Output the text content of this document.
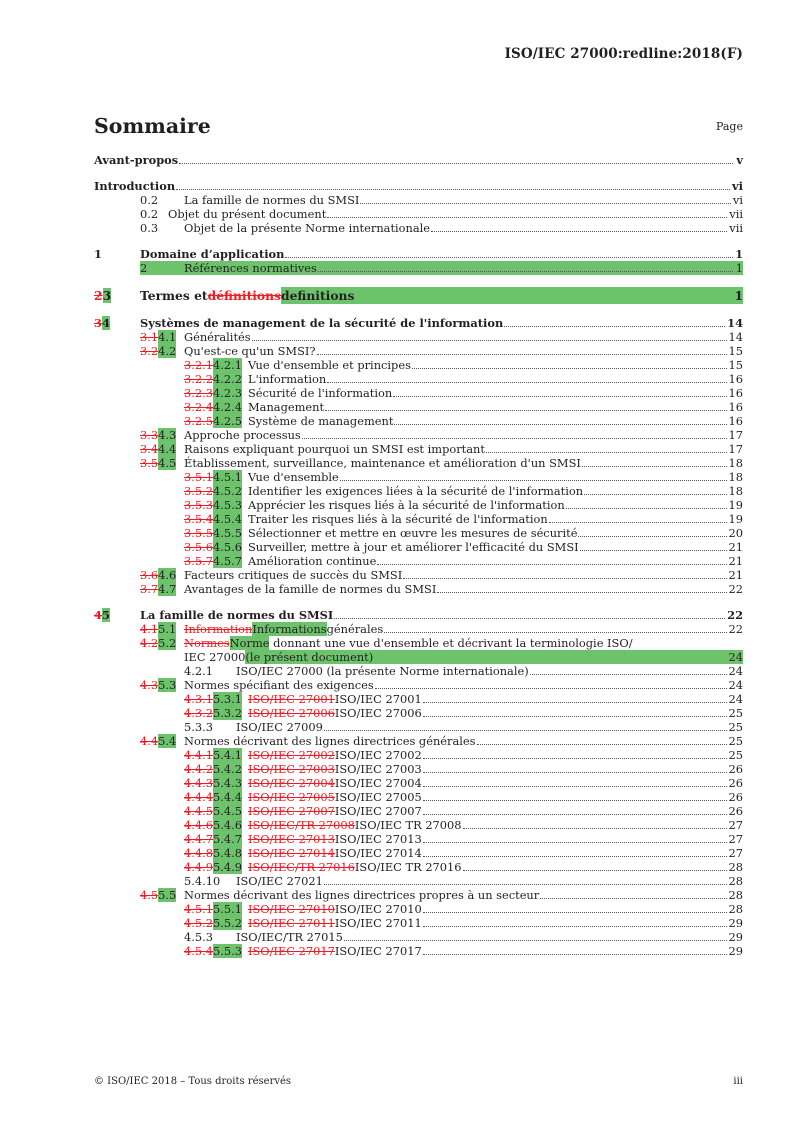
ISO/IEC 27000:redline:2018(F)
Sommaire	Page
Avant-propos	v
Introduction	vi
0.2	La famille de normes du SMSI	vi
0.2 Objet du présent document	vii
0.3	Objet de la présente Norme internationale	vii
1	Domaine d’application	1
2	Références normatives	1
23	Termes et définitions definitions	1
34	Systèmes de management de la sécurité de l'information	14
3.14.1 Généralités	14
3.24.2 Qu'est-ce qu'un SMSI?	15
3.2.14.2.1 Vue d'ensemble et principes	15
3.2.24.2.2 L'information	16
3.2.34.2.3 Sécurité de l'information	16
3.2.44.2.4 Management	16
3.2.54.2.5 Système de management	16
3.34.3 Approche processus	17
3.44.4 Raisons expliquant pourquoi un SMSI est important	17
3.54.5 Établissement, surveillance, maintenance et amélioration d'un SMSI	18
3.5.14.5.1 Vue d'ensemble	18
3.5.24.5.2 Identifier les exigences liées à la sécurité de l'information	18
3.5.34.5.3 Apprécier les risques liés à la sécurité de l'information	19
3.5.44.5.4 Traiter les risques liés à la sécurité de l'information	19
3.5.54.5.5 Sélectionner et mettre en œuvre les mesures de sécurité	20
3.5.64.5.6 Surveiller, mettre à jour et améliorer l'efficacité du SMSI	21
3.5.74.5.7 Amélioration continue	21
3.64.6 Facteurs critiques de succès du SMSI	21
3.74.7 Avantages de la famille de normes du SMSI	22
45	La famille de normes du SMSI	22
4.15.1 Information Informations générales	22
4.25.2 NormesNorme donnant une vue d'ensemble et décrivant la terminologie ISO/
IEC 27000 (le présent document)	24
4.2.1	ISO/IEC 27000 (la présente Norme internationale)	24
4.35.3 Normes spécifiant des exigences	24
4.3.15.3.1 ISO/IEC 27001 ISO/IEC 27001	24
4.3.25.3.2 ISO/IEC 27006 ISO/IEC 27006	25
5.3.3	ISO/IEC 27009	25
4.45.4 Normes décrivant des lignes directrices générales	25
4.4.15.4.1 ISO/IEC 27002 ISO/IEC 27002	25
4.4.25.4.2 ISO/IEC 27003 ISO/IEC 27003	26
4.4.35.4.3 ISO/IEC 27004 ISO/IEC 27004	26
4.4.45.4.4 ISO/IEC 27005 ISO/IEC 27005	26
4.4.55.4.5 ISO/IEC 27007 ISO/IEC 27007	26
4.4.65.4.6 ISO/IEC/TR 27008 ISO/IEC TR 27008	27
4.4.75.4.7 ISO/IEC 27013 ISO/IEC 27013	27
4.4.85.4.8 ISO/IEC 27014 ISO/IEC 27014	27
4.4.95.4.9 ISO/IEC/TR 27016 ISO/IEC TR 27016	28
5.4.10	ISO/IEC 27021	28
4.55.5 Normes décrivant des lignes directrices propres à un secteur	28
4.5.15.5.1 ISO/IEC 27010 ISO/IEC 27010	28
4.5.25.5.2 ISO/IEC 27011 ISO/IEC 27011	29
4.5.3	ISO/IEC/TR 27015	29
4.5.45.5.3 ISO/IEC 27017 ISO/IEC 27017	29
© ISO/IEC 2018 – Tous droits réservés	iii
